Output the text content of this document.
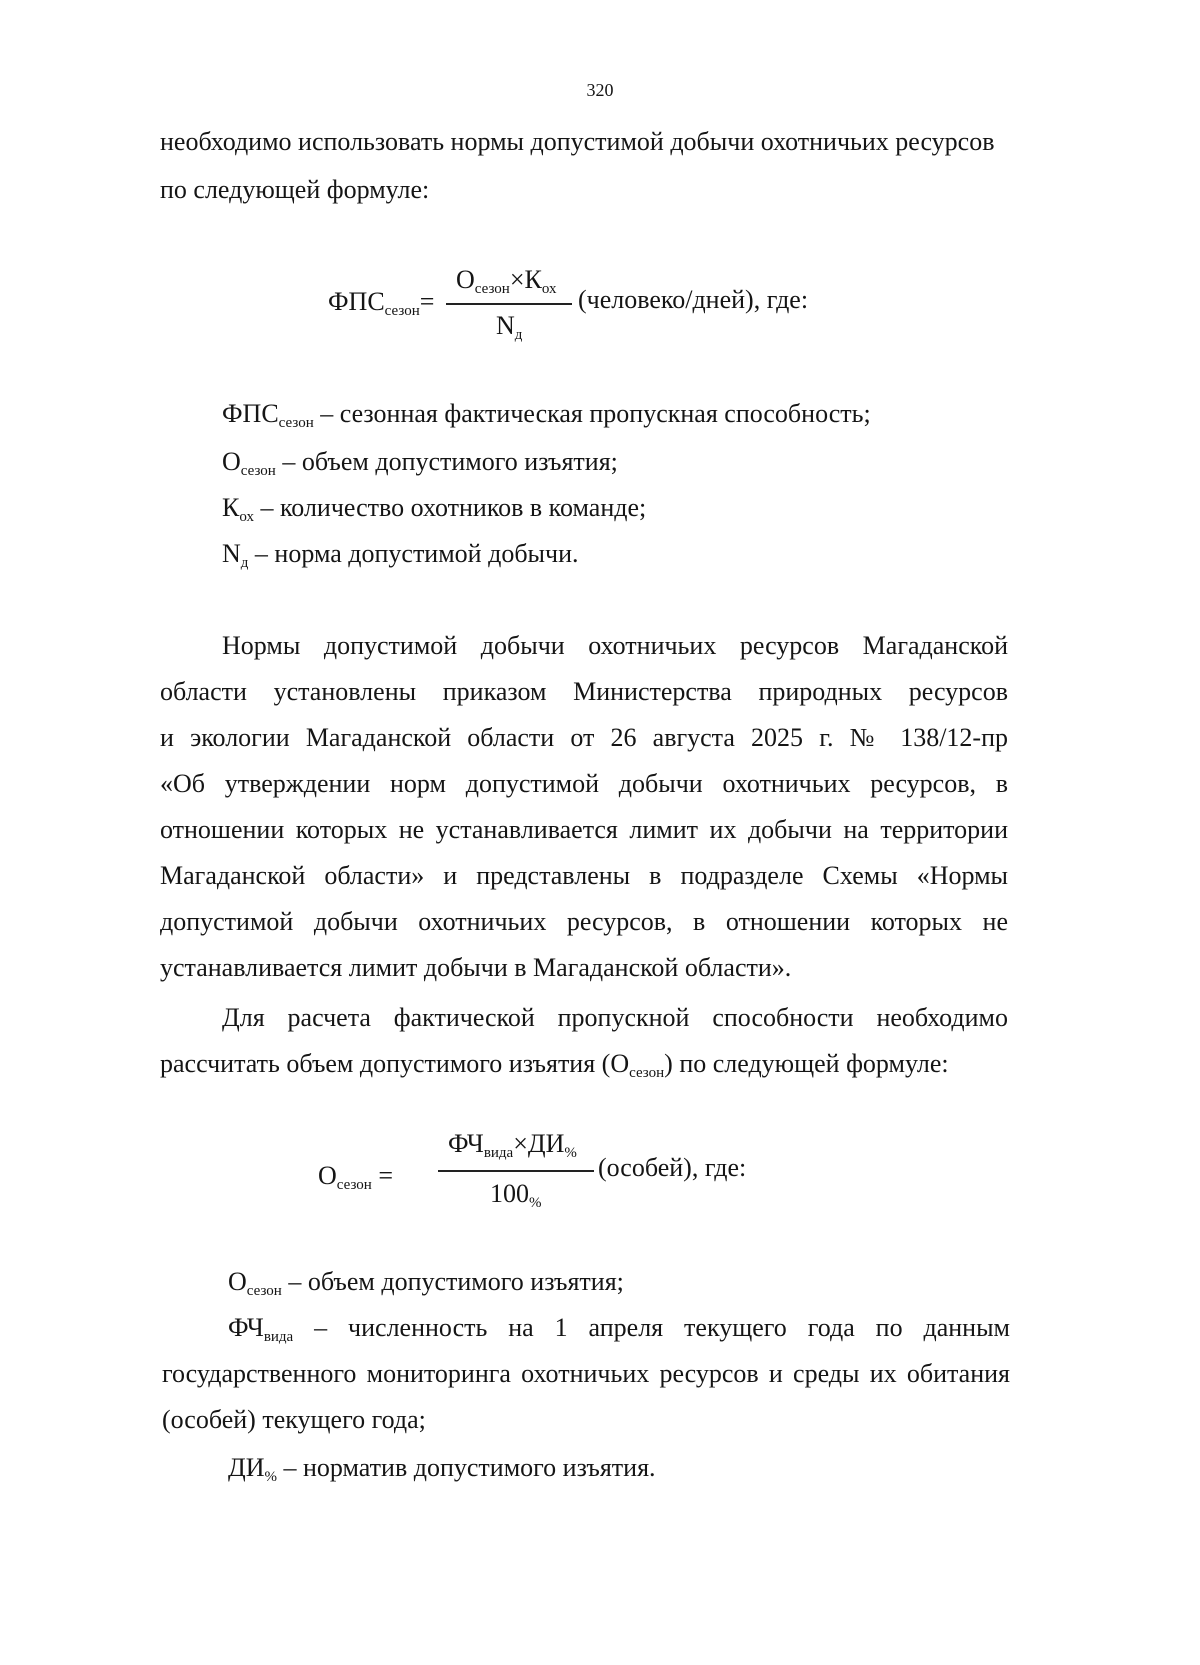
320
необходимо использовать нормы допустимой добычи охотничьих ресурсов
по следующей формуле:
$ФПС_{сезон}=$
$О_{сезон}\times К_{ох}$
$N_д$
(человеко/дней), где:
$ФПС_{сезон}$ – сезонная фактическая пропускная способность;
$О_{сезон}$ – объем допустимого изъятия;
$К_{ох}$ – количество охотников в команде;
$N_д$ – норма допустимой добычи.
Нормы допустимой добычи охотничьих ресурсов Магаданской
области установлены приказом Министерства природных ресурсов
и экологии Магаданской области от 26 августа 2025 г. № 138/12-пр
«Об утверждении норм допустимой добычи охотничьих ресурсов, в
отношении которых не устанавливается лимит их добычи на территории
Магаданской области» и представлены в подразделе Схемы «Нормы
допустимой добычи охотничьих ресурсов, в отношении которых не
устанавливается лимит добычи в Магаданской области».
Для расчета фактической пропускной способности необходимо
рассчитать объем допустимого изъятия $(О_{сезон})$ по следующей формуле:
$О_{сезон}$ =
$ФЧ_{вида}\times ДИ_{\%}$
$100_{\%}$
(особей), где:
$О_{сезон}$ – объем допустимого изъятия;
$ФЧ_{вида}$ – численность на 1 апреля текущего года по данным
государственного мониторинга охотничьих ресурсов и среды их обитания
(особей) текущего года;
$ДИ_{\%}$ – норматив допустимого изъятия.
